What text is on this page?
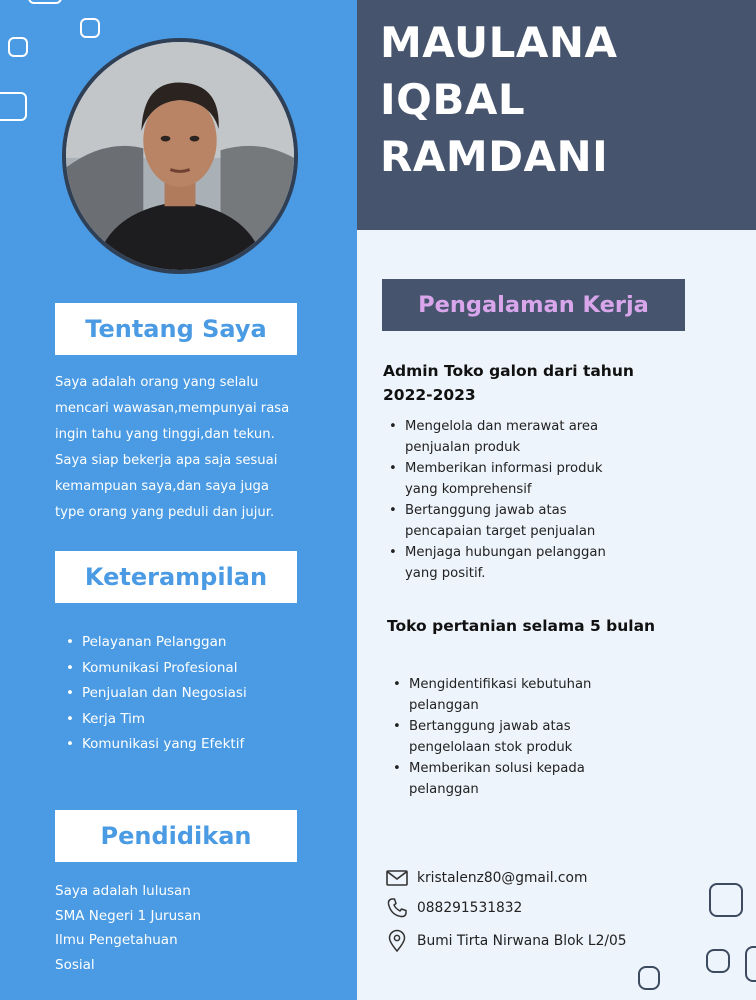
Tentang Saya
Saya adalah orang yang selalu
mencari wawasan,mempunyai rasa
ingin tahu yang tinggi,dan tekun.
Saya siap bekerja apa saja sesuai
kemampuan saya,dan saya juga
type orang yang peduli dan jujur.
Keterampilan
• Pelayanan Pelanggan
• Komunikasi Profesional
• Penjualan dan Negosiasi
• Kerja Tim
• Komunikasi yang Efektif
Pendidikan
Saya adalah lulusan
SMA Negeri 1 Jurusan
Ilmu Pengetahuan
Sosial
MAULANA
IQBAL
RAMDANI
Pengalaman Kerja
Admin Toko galon dari tahun
2022-2023
• Mengelola dan merawat area
penjualan produk
• Memberikan informasi produk
yang komprehensif
• Bertanggung jawab atas
pencapaian target penjualan
• Menjaga hubungan pelanggan
yang positif.
Toko pertanian selama 5 bulan
• Mengidentifikasi kebutuhan
pelanggan
• Bertanggung jawab atas
pengelolaan stok produk
• Memberikan solusi kepada
pelanggan
kristalenz80@gmail.com
088291531832
Bumi Tirta Nirwana Blok L2/05
